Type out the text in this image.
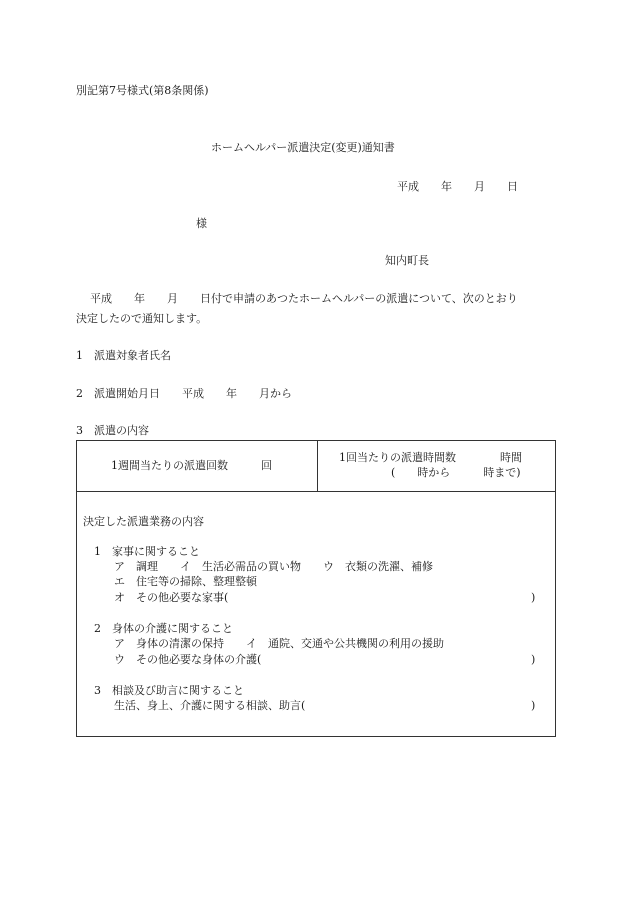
別記第7号様式(第8条関係)
ホームヘルパー派遣決定(変更)通知書
平成　　年　　月　　日
様
知内町長
平成　　年　　月　　日付で申請のあつたホームヘルパーの派遣について、次のとおり
決定したので通知します。
1　派遣対象者氏名
2　派遣開始月日　　平成　　年　　月から
3　派遣の内容
1週間当たりの派遣回数　　　回
1回当たりの派遣時間数　　　　時間
(　　時から　　　時まで)
決定した派遣業務の内容
1　家事に関すること
ア　調理　　イ　生活必需品の買い物　　ウ　衣類の洗濯、補修
エ　住宅等の掃除、整理整頓
オ　その他必要な家事(	)
2　身体の介護に関すること
ア　身体の清潔の保持　　イ　通院、交通や公共機関の利用の援助
ウ　その他必要な身体の介護(	)
3　相談及び助言に関すること
生活、身上、介護に関する相談、助言(	)
